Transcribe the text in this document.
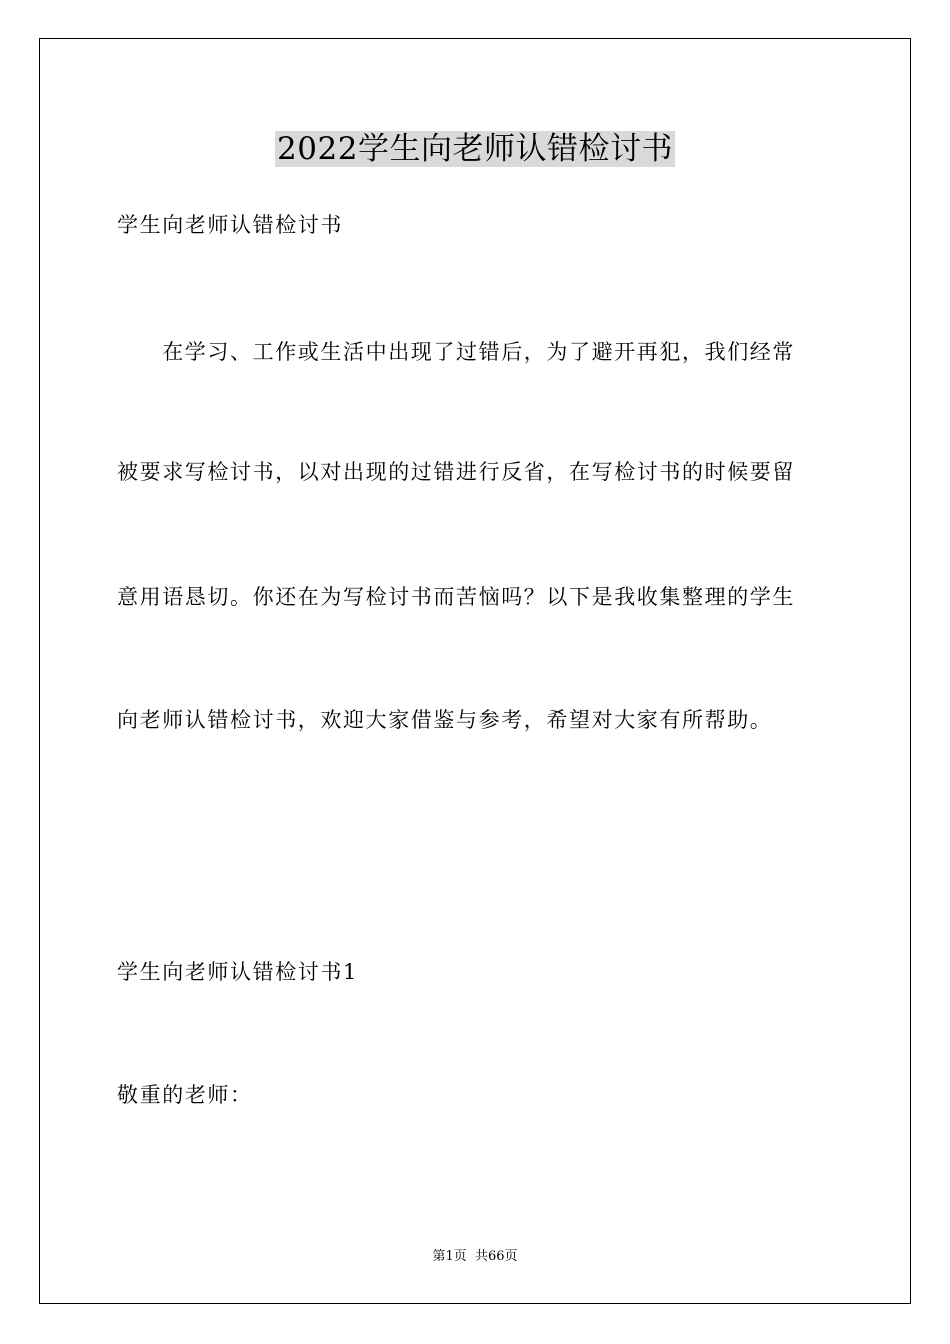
2022学生向老师认错检讨书

学生向老师认错检讨书

　　在学习、工作或生活中出现了过错后，为了避开再犯，我们经常

被要求写检讨书，以对出现的过错进行反省，在写检讨书的时候要留

意用语恳切。你还在为写检讨书而苦恼吗？以下是我收集整理的学生

向老师认错检讨书，欢迎大家借鉴与参考，希望对大家有所帮助。

学生向老师认错检讨书1

敬重的老师：

第1页 共66页
